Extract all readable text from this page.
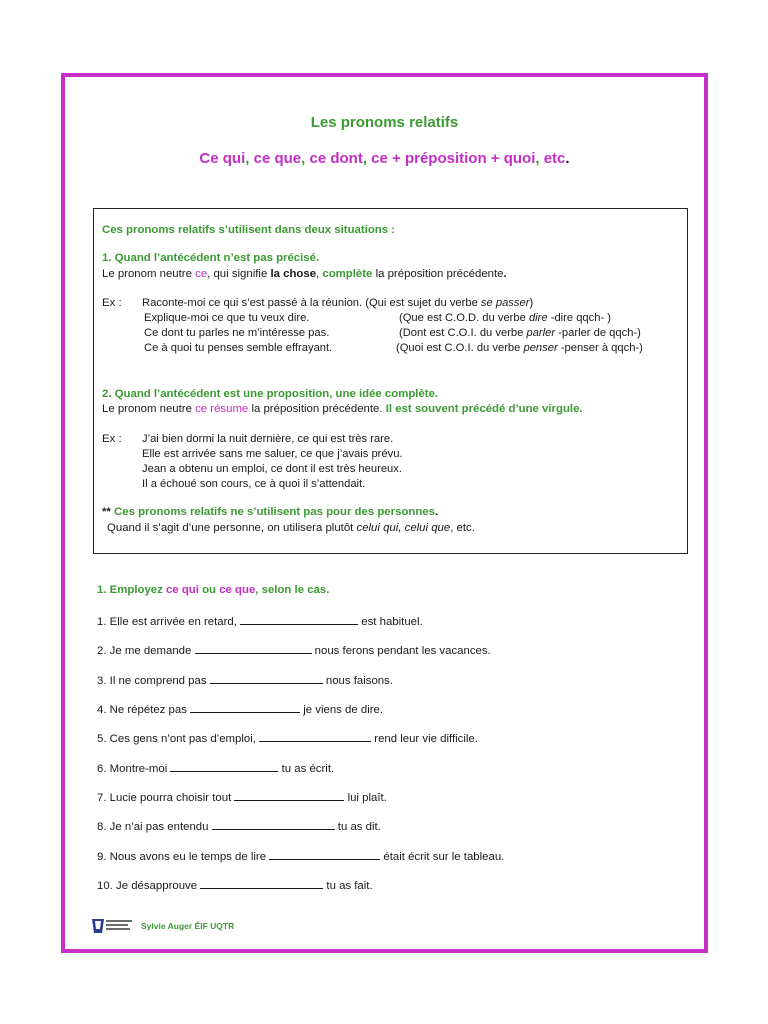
Les pronoms relatifs
Ce qui, ce que, ce dont, ce + préposition + quoi, etc.
Ces pronoms relatifs s’utilisent dans deux situations :
1. Quand l’antécédent n’est pas précisé.
Le pronom neutre ce, qui signifie la chose, complète la préposition précédente.
Ex : Raconte-moi ce qui s’est passé à la réunion. (Qui est sujet du verbe se passer)
Explique-moi ce que tu veux dire.	(Que est C.O.D. du verbe dire -dire qqch- )
Ce dont tu parles ne m’intéresse pas.	(Dont est C.O.I. du verbe parler -parler de qqch-)
Ce à quoi tu penses semble effrayant.	(Quoi est C.O.I. du verbe penser -penser à qqch-)
2. Quand l’antécédent est une proposition, une idée complète.
Le pronom neutre ce résume la préposition précédente. Il est souvent précédé d’une virgule.
Ex : J’ai bien dormi la nuit dernière, ce qui est très rare.
Elle est arrivée sans me saluer, ce que j’avais prévu.
Jean a obtenu un emploi, ce dont il est très heureux.
Il a échoué son cours, ce à quoi il s’attendait.
** Ces pronoms relatifs ne s’utilisent pas pour des personnes.
Quand il s’agit d’une personne, on utilisera plutôt celui qui, celui que, etc.
1. Employez ce qui ou ce que, selon le cas.
1. Elle est arrivée en retard,	est habituel.
2. Je me demande	nous ferons pendant les vacances.
3. Il ne comprend pas	nous faisons.
4. Ne répétez pas	je viens de dire.
5. Ces gens n’ont pas d’emploi,	rend leur vie difficile.
6. Montre-moi	tu as écrit.
7. Lucie pourra choisir tout	lui plaît.
8. Je n’ai pas entendu	tu as dit.
9. Nous avons eu le temps de lire	était écrit sur le tableau.
10. Je désapprouve	tu as fait.
Sylvie Auger ÉIF UQTR
